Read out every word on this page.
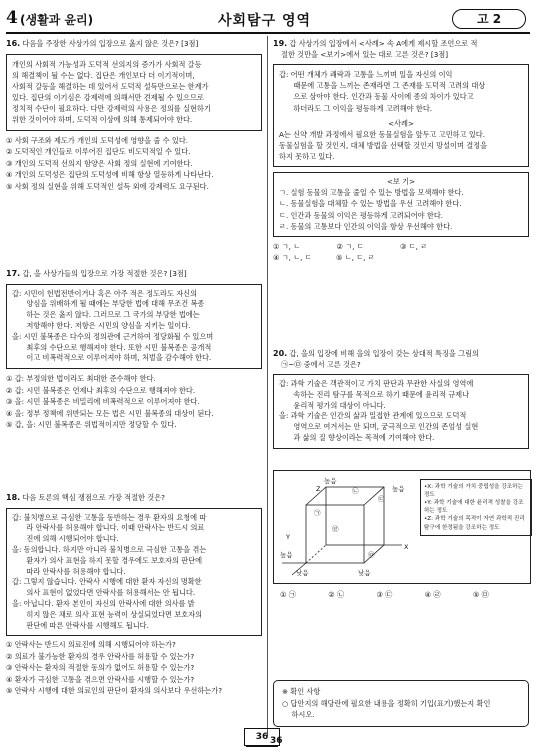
4 (생활과 윤리)	사회탐구 영역	고 2
16. 다음을 주장한 사상가의 입장으로 옳지 않은 것은? [3점]
개인의 사회적 가능성과 도덕적 선의지의 증가가 사회적 갈등
의 해결책이 될 수는 없다. 집단은 개인보다 더 이기적이며,
사회적 갈등을 해결하는 데 있어서 도덕적 설득만으로는 한계가
있다. 집단의 이기심은 강제력에 의해서만 견제될 수 있으므로
정치적 수단이 필요하다. 다만 강제력의 사용은 정의를 실현하기
위한 것이어야 하며, 도덕적 이상에 의해 통제되어야 한다.
① 사회 구조와 제도가 개인의 도덕성에 영향을 줄 수 있다.
② 도덕적인 개인들로 이루어진 집단도 비도덕적일 수 있다.
③ 개인의 도덕적 선의지 함양은 사회 정의 실현에 기여한다.
④ 개인의 도덕성은 집단의 도덕성에 비해 항상 열등하게 나타난다.
⑤ 사회 정의 실현을 위해 도덕적인 설득 외에 강제력도 요구된다.
17. 갑, 을 사상가들의 입장으로 가장 적절한 것은? [3점]
갑: 시민이 헌법전반이거나 혹은 아주 적은 정도라도 자신의
　　양심을 위배하게 될 때에는 부당한 법에 대해 무조건 복종
　　하는 것은 옳지 않다. 그러므로 그 국가의 부당한 법에는
　　저항해야 한다. 저항은 시민의 양심을 지키는 일이다.
을: 시민 불복종은 다수의 정의관에 근거하여 정당화될 수 있으며
　　최후의 수단으로 행해져야 한다. 또한 시민 불복종은 공개적
　　이고 비폭력적으로 이루어져야 하며, 처벌을 감수해야 한다.
① 갑: 부정의한 법이라도 최대한 준수해야 한다.
② 갑: 시민 불복종은 언제나 최후의 수단으로 행해져야 한다.
③ 을: 시민 불복종은 비밀리에 비폭력적으로 이루어져야 한다.
④ 을: 정부 정책에 위반되는 모든 법은 시민 불복종의 대상이 된다.
⑤ 갑, 을: 시민 불복종은 위법적이지만 정당할 수 있다.
18. 다음 토론의 핵심 쟁점으로 가장 적절한 것은?
갑: 불치병으로 극심한 고통을 동반하는 경우 환자의 요청에 따
　　라 안락사를 허용해야 합니다. 이때 안락사는 반드시 의료
　　진에 의해 시행되어야 합니다.
을: 동의합니다. 하지만 아니라 불치병으로 극심한 고통을 겪는
　　환자가 의사 표현을 하지 못할 경우에도 보호자의 판단에
　　따라 안락사를 허용해야 합니다.
갑: 그렇지 않습니다. 안락사 시행에 대한 환자 자신의 명확한
　　의사 표현이 없었다면 안락사를 허용해서는 안 됩니다.
을: 아닙니다. 환자 본인이 자신의 안락사에 대한 의사를 밝
　　히지 않은 채로 의사 표현 능력이 상실되었다면 보호자의
　　판단에 따른 안락사를 시행해도 됩니다.
① 안락사는 반드시 의료진에 의해 시행되어야 하는가?
② 의료가 불가능한 환자의 경우 안락사를 허용할 수 있는가?
③ 안락사는 환자의 적절한 동의가 없어도 허용할 수 있는가?
④ 환자가 극심한 고통을 겪으면 안락사를 시행할 수 있는가?
⑤ 안락사 시행에 대한 의료인의 판단이 환자의 의사보다 우선하는가?
19. 갑 사상가의 입장에서 <사례> 속 A에게 제시할 조언으로 적
절한 것만을 <보기>에서 있는 대로 고른 것은? [3점]
갑: 어떤 개체가 쾌락과 고통을 느끼며 일을 자신의 이익
　　때문에 고통을 느끼는 존재라면 그 존재를 도덕적 고려의 대상
　　으로 삼아야 한다. 인간과 동물 사이에 종의 차이가 있다고
　　하더라도 그 이익을 평등하게 고려해야 한다.
<사례>
A는 신약 개발 과정에서 필요한 동물실험을 앞두고 고민하고 있다.
동물실험을 할 것인지, 대체 방법을 선택할 것인지 망설이며 결정을
하지 못하고 있다.
<보 기>
ㄱ. 실험 동물의 고통을 줄일 수 있는 방법을 모색해야 한다.
ㄴ. 동물실험을 대체할 수 있는 방법을 우선 고려해야 한다.
ㄷ. 인간과 동물의 이익은 평등하게 고려되어야 한다.
ㄹ. 동물의 고통보다 인간의 이익을 항상 우선해야 한다.
① ㄱ, ㄴ	② ㄱ, ㄷ	③ ㄷ, ㄹ
④ ㄱ, ㄴ, ㄷ	⑤ ㄴ, ㄷ, ㄹ
20. 갑, 을의 입장에 비해 을의 입장이 갖는 상대적 특징을 그림의
㉠~㉤ 중에서 고른 것은?
갑: 과학 기술은 객관적이고 가치 판단과 무관한 사실의 영역에
　　속하는 진리 탐구를 목적으로 하기 때문에 윤리적 규제나
　　윤리적 평가의 대상이 아니다.
을: 과학 기술은 인간의 삶과 밀접한 관계에 있으므로 도덕적
　　영역으로 여겨서는 안 되며, 궁극적으로 인간의 존엄성 실현
　　과 삶의 질 향상이라는 목적에 기여해야 한다.
높음
높음
높음
낮음	낮음
X
Y
Z
㉠
㉡
㉢
㉣
㉤
•X: 과학 기술의 가치 중립성을 강조하는 정도
•Y: 과학 기술에 대한 윤리적 성찰을 강조하는 정도
•Z: 과학 기술의 목적이 자연 과학적 진리 탐구에 한정됨을 강조하는 정도
① ㉠	② ㉡	③ ㉢	④ ㉣	⑤ ㉤
※ 확인 사항
○ 답안지의 해당란에 필요한 내용을 정확히 기입(표기)했는지 확인
　 하시오.
36 36
